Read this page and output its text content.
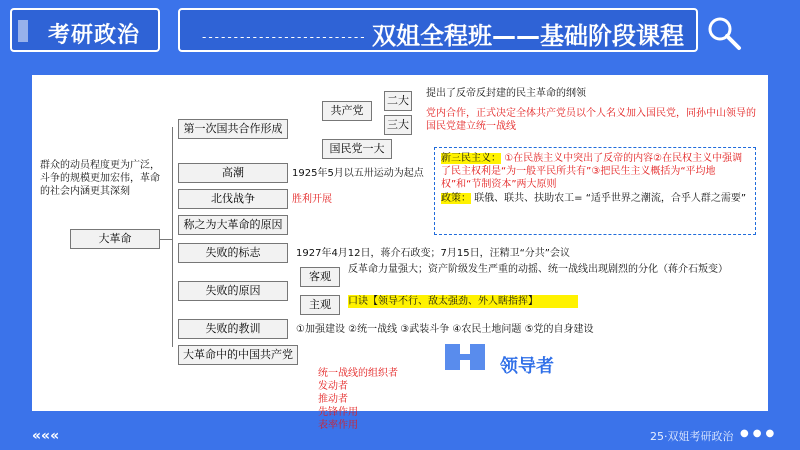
考研政治	-------------------------- 双姐全程班——基础阶段课程
群众的动员程度更为广泛，斗争的规模更加宏伟，革命的社会内涵更其深刻
大革命
第一次国共合作形成
共产党
二大
三大
国民党一大
高潮
北伐战争
称之为大革命的原因
失败的标志
失败的原因
客观
主观
失败的教训
大革命中的中国共产党
提出了反帝反封建的民主革命的纲领
党内合作，正式决定全体共产党员以个人名义加入国民党，同孙中山领导的国民党建立统一战线
新三民主义： ①在民族主义中突出了反帝的内容②在民权主义中强调了民主权利是“为一般平民所共有”③把民生主义概括为“平均地权”和“节制资本”两大原则
政策： 联俄、联共、扶助农工= “适乎世界之潮流，合乎人群之需要”
1925年5月以五卅运动为起点
胜利开展
1927年4月12日，蒋介石政变；7月15日，汪精卫“分共”会议
反革命力量强大；资产阶级发生严重的动摇、统一战线出现剧烈的分化（蒋介石叛变）
口诀【领导不行、敌太强劲、外人瞎指挥】
①加强建设 ②统一战线 ③武装斗争 ④农民土地问题 ⑤党的自身建设
统一战线的组织者
发动者
推动者
先锋作用
表率作用
领导者
«««	25·双姐考研政治 ●●●
